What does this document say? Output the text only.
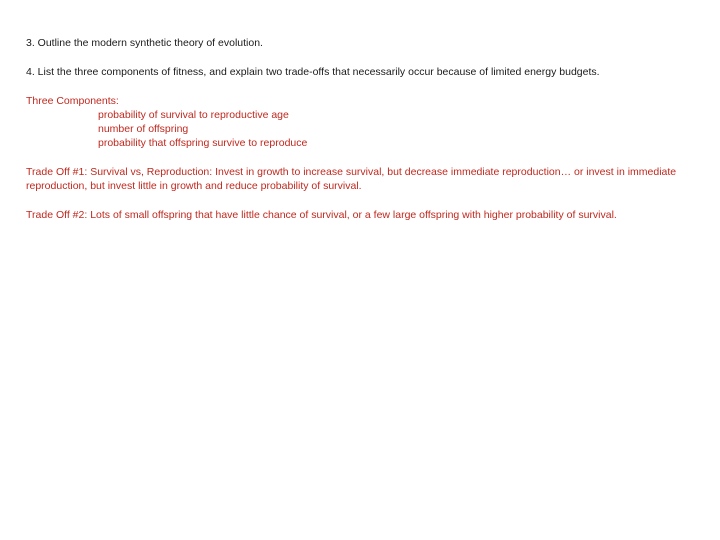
3. Outline the modern synthetic theory of evolution.

4. List the three components of fitness, and explain two trade-offs that necessarily occur because of limited energy budgets.

Three Components:

probability of survival to reproductive age
number of offspring
probability that offspring survive to reproduce

Trade Off #1: Survival vs, Reproduction: Invest in growth to increase survival, but decrease immediate reproduction… or invest in immediate reproduction, but invest little in growth and reduce probability of survival.

Trade Off #2: Lots of small offspring that have little chance of survival, or a few large offspring with higher probability of survival.
